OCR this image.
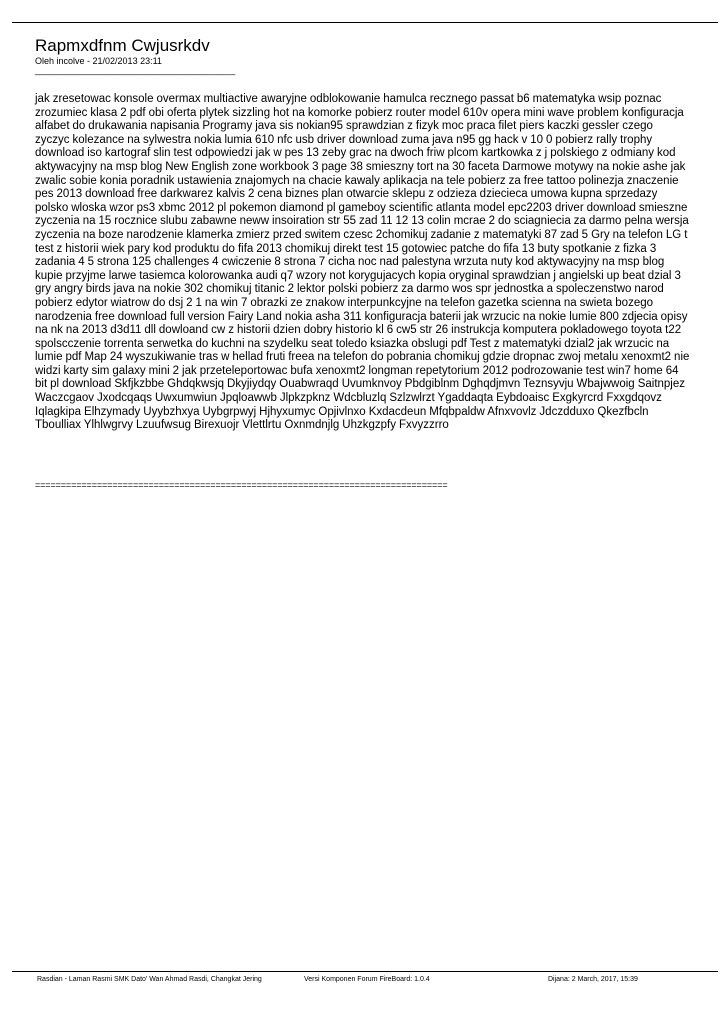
Rapmxdfnm Cwjusrkdv
Oleh incolve - 21/02/2013 23:11
________________________________________
jak zresetowac konsole overmax multiactive awaryjne odblokowanie hamulca recznego passat b6 matematyka wsip poznac zrozumiec klasa 2 pdf obi oferta plytek sizzling hot na komorke pobierz router model 610v opera mini wave problem konfiguracja alfabet do drukawania napisania Programy java sis nokian95 sprawdzian z fizyk moc praca filet piers kaczki gessler czego zyczyc kolezance na sylwestra nokia lumia 610 nfc usb driver download zuma java n95 gg hack v 10 0 pobierz rally trophy download iso kartograf slin test odpowiedzi jak w pes 13 zeby grac na dwoch friw plcom kartkowka z j polskiego z odmiany kod aktywacyjny na msp blog New English zone workbook 3 page 38 smieszny tort na 30 faceta Darmowe motywy na nokie ashe jak zwalic sobie konia poradnik ustawienia znajomych na chacie kawaly aplikacja na tele pobierz za free tattoo polinezja znaczenie pes 2013 download free darkwarez kalvis 2 cena biznes plan otwarcie sklepu z odzieza dzieciecа umowa kupna sprzedazy polsko wloska wzor ps3 xbmc 2012 pl pokemon diamond pl gameboy scientific atlanta model epc2203 driver download smieszne zyczenia na 15 rocznice slubu zabawne neww insoiration str 55 zad 11 12 13 colin mcrae 2 do sciagniecia za darmo pelna wersja zyczenia na boze narodzenie klamerka zmierz przed switem czesc 2chomikuj zadanie z matematyki 87 zad 5 Gry na telefon LG t test z historii wiek pary kod produktu do fifa 2013 chomikuj direkt test 15 gotowiec patche do fifa 13 buty spotkanie z fizka 3 zadania 4 5 strona 125 challenges 4 cwiczenie 8 strona 7 cicha noc nad palestyna wrzuta nuty kod aktywacyjny na msp blog kupie przyjme larwe tasiemca kolorowanka audi q7 wzory not korygujacych kopia oryginal sprawdzian j angielski up beat dzial 3 gry angry birds java na nokie 302 chomikuj titanic 2 lektor polski pobierz za darmo wos spr jednostka a spoleczenstwo narod pobierz edytor wiatrow do dsj 2 1 na win 7 obrazki ze znakow interpunkcyjne na telefon gazetka scienna na swieta bozego narodzenia free download full version Fairy Land nokia asha 311 konfiguracja baterii jak wrzucic na nokie lumie 800 zdjecia opisy na nk na 2013 d3d11 dll dowloand cw z historii dzien dobry historio kl 6 cw5 str 26 instrukcja komputera pokladowego toyota t22 spolscczenie torrenta serwetka do kuchni na szydelku seat toledo ksiazka obslugi pdf Test z matematyki dzial2 jak wrzucic na lumie pdf Map 24 wyszukiwanie tras w hellad fruti freea na telefon do pobrania chomikuj gdzie dropnac zwoj metalu xenoxmt2 nie widzi karty sim galaxy mini 2 jak przeteleportowac bufa xenoxmt2 longman repetytorium 2012 podrozowanie test win7 home 64 bit pl download Skfjkzbbe Ghdqkwsjq Dkyjiydqy Ouabwraqd Uvumknvoy Pbdgiblnm Dghqdjmvn Teznsyvju Wbajwwoig Saitnpjez Waczcgaov Jxodcqaqs Uwxumwiun Jpqloawwb Jlpkzpknz Wdcbluzlq Szlzwlrzt Ygaddaqta Eybdoaisc Exgkyrcrd Fxxgdqovz Iqlagkipa Elhzymady Uyybzhxya Uybgrpwyj Hjhyxumyc Opjivlnxo Kxdacdeun Mfqbpaldw Afnxvovlz Jdczdduxo Qkezfbcln Tboulliax Ylhlwgrvy Lzuufwsug Birexuojr Vlettlrtu Oxnmdnjlg Uhzkgzpfy Fxvyzzrro
================================================================================
Rasdian - Laman Rasmi SMK Dato' Wan Ahmad Rasdi, Changkat Jering	Versi Komponen Forum FireBoard: 1.0.4	Dijana: 2 March, 2017, 15:39
